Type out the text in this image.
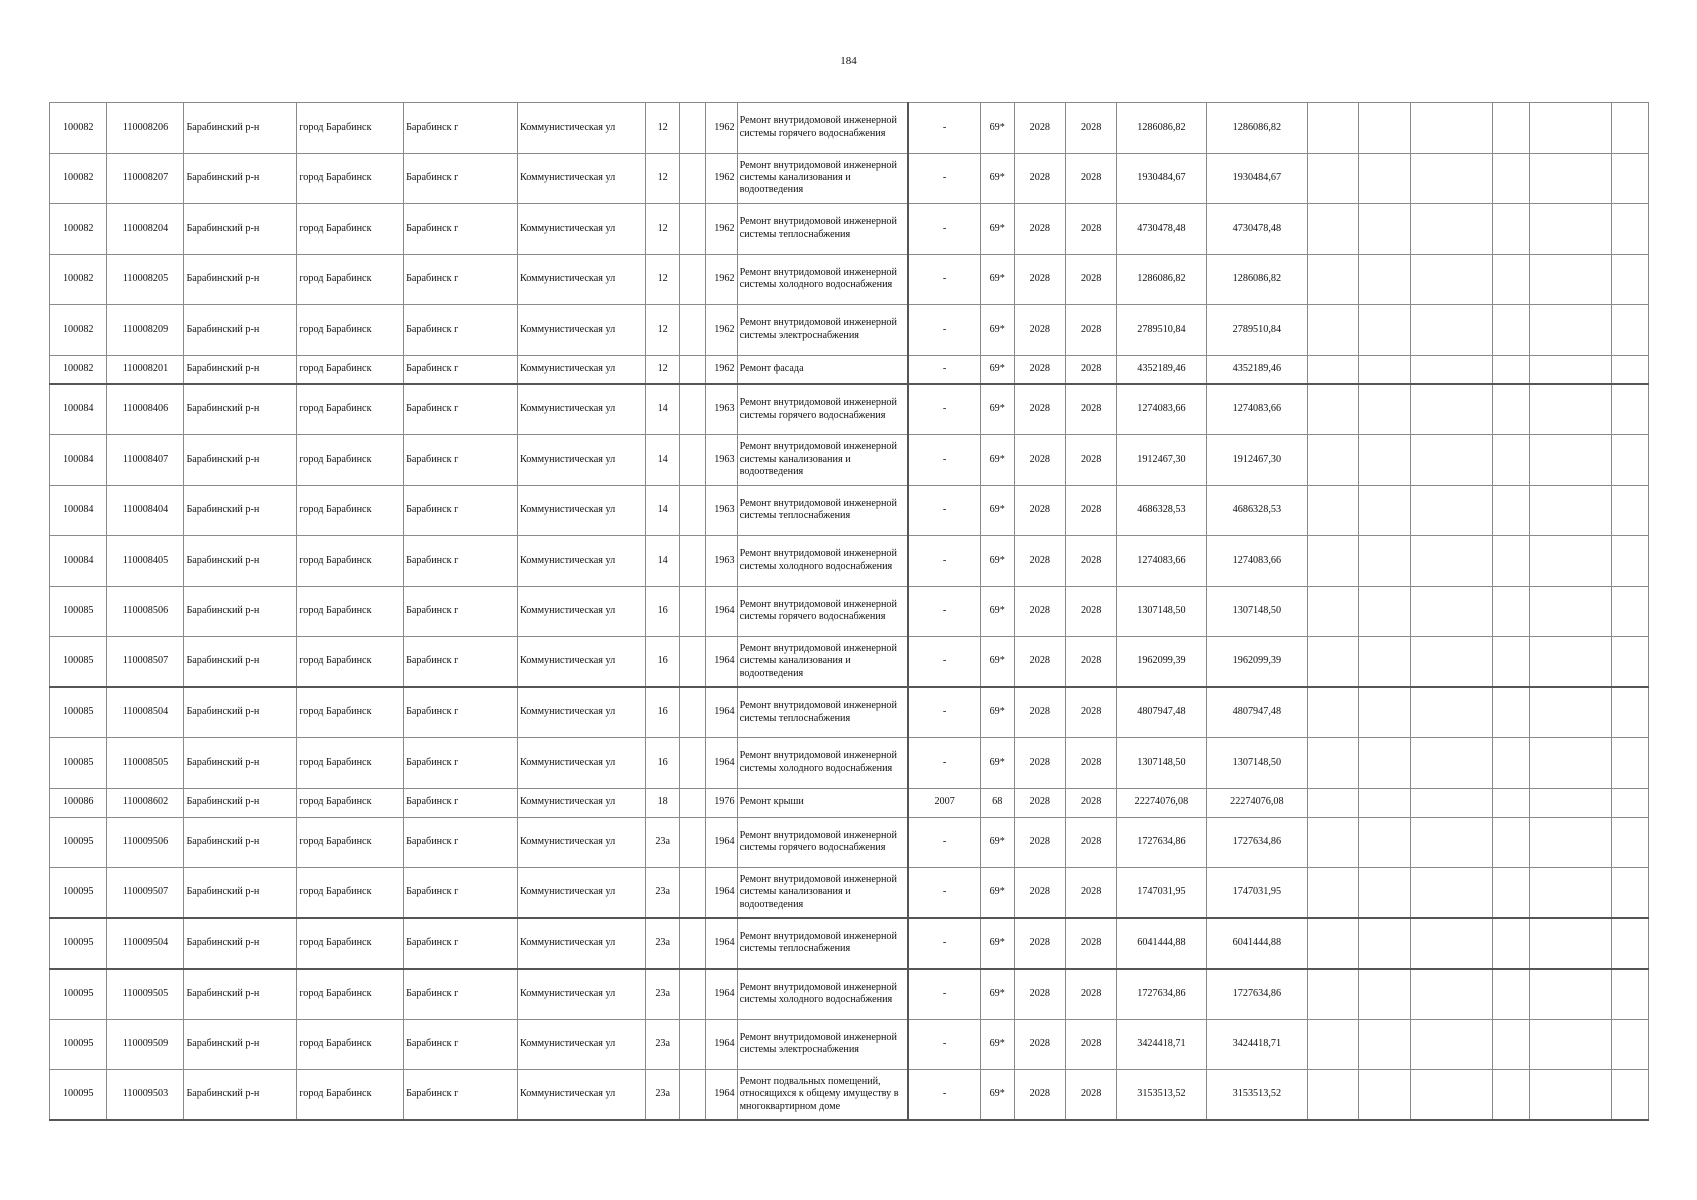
184
100082	110008206	Барабинский р-н	город Барабинск	Барабинск г	Коммунистическая ул	12		1962	Ремонт внутридомовой инженерной системы горячего водоснабжения	-	69*	2028	2028	1286086,82	1286086,82						
100082	110008207	Барабинский р-н	город Барабинск	Барабинск г	Коммунистическая ул	12		1962	Ремонт внутридомовой инженерной системы канализования и водоотведения	-	69*	2028	2028	1930484,67	1930484,67						
100082	110008204	Барабинский р-н	город Барабинск	Барабинск г	Коммунистическая ул	12		1962	Ремонт внутридомовой инженерной системы теплоснабжения	-	69*	2028	2028	4730478,48	4730478,48						
100082	110008205	Барабинский р-н	город Барабинск	Барабинск г	Коммунистическая ул	12		1962	Ремонт внутридомовой инженерной системы холодного водоснабжения	-	69*	2028	2028	1286086,82	1286086,82						
100082	110008209	Барабинский р-н	город Барабинск	Барабинск г	Коммунистическая ул	12		1962	Ремонт внутридомовой инженерной системы электроснабжения	-	69*	2028	2028	2789510,84	2789510,84						
100082	110008201	Барабинский р-н	город Барабинск	Барабинск г	Коммунистическая ул	12		1962	Ремонт фасада	-	69*	2028	2028	4352189,46	4352189,46						
100084	110008406	Барабинский р-н	город Барабинск	Барабинск г	Коммунистическая ул	14		1963	Ремонт внутридомовой инженерной системы горячего водоснабжения	-	69*	2028	2028	1274083,66	1274083,66						
100084	110008407	Барабинский р-н	город Барабинск	Барабинск г	Коммунистическая ул	14		1963	Ремонт внутридомовой инженерной системы канализования и водоотведения	-	69*	2028	2028	1912467,30	1912467,30						
100084	110008404	Барабинский р-н	город Барабинск	Барабинск г	Коммунистическая ул	14		1963	Ремонт внутридомовой инженерной системы теплоснабжения	-	69*	2028	2028	4686328,53	4686328,53						
100084	110008405	Барабинский р-н	город Барабинск	Барабинск г	Коммунистическая ул	14		1963	Ремонт внутридомовой инженерной системы холодного водоснабжения	-	69*	2028	2028	1274083,66	1274083,66						
100085	110008506	Барабинский р-н	город Барабинск	Барабинск г	Коммунистическая ул	16		1964	Ремонт внутридомовой инженерной системы горячего водоснабжения	-	69*	2028	2028	1307148,50	1307148,50						
100085	110008507	Барабинский р-н	город Барабинск	Барабинск г	Коммунистическая ул	16		1964	Ремонт внутридомовой инженерной системы канализования и водоотведения	-	69*	2028	2028	1962099,39	1962099,39						
100085	110008504	Барабинский р-н	город Барабинск	Барабинск г	Коммунистическая ул	16		1964	Ремонт внутридомовой инженерной системы теплоснабжения	-	69*	2028	2028	4807947,48	4807947,48						
100085	110008505	Барабинский р-н	город Барабинск	Барабинск г	Коммунистическая ул	16		1964	Ремонт внутридомовой инженерной системы холодного водоснабжения	-	69*	2028	2028	1307148,50	1307148,50						
100086	110008602	Барабинский р-н	город Барабинск	Барабинск г	Коммунистическая ул	18		1976	Ремонт крыши	2007	68	2028	2028	22274076,08	22274076,08						
100095	110009506	Барабинский р-н	город Барабинск	Барабинск г	Коммунистическая ул	23а		1964	Ремонт внутридомовой инженерной системы горячего водоснабжения	-	69*	2028	2028	1727634,86	1727634,86						
100095	110009507	Барабинский р-н	город Барабинск	Барабинск г	Коммунистическая ул	23а		1964	Ремонт внутридомовой инженерной системы канализования и водоотведения	-	69*	2028	2028	1747031,95	1747031,95						
100095	110009504	Барабинский р-н	город Барабинск	Барабинск г	Коммунистическая ул	23а		1964	Ремонт внутридомовой инженерной системы теплоснабжения	-	69*	2028	2028	6041444,88	6041444,88						
100095	110009505	Барабинский р-н	город Барабинск	Барабинск г	Коммунистическая ул	23а		1964	Ремонт внутридомовой инженерной системы холодного водоснабжения	-	69*	2028	2028	1727634,86	1727634,86						
100095	110009509	Барабинский р-н	город Барабинск	Барабинск г	Коммунистическая ул	23а		1964	Ремонт внутридомовой инженерной системы электроснабжения	-	69*	2028	2028	3424418,71	3424418,71						
100095	110009503	Барабинский р-н	город Барабинск	Барабинск г	Коммунистическая ул	23а		1964	Ремонт подвальных помещений, относящихся к общему имуществу в многоквартирном доме	-	69*	2028	2028	3153513,52	3153513,52						
